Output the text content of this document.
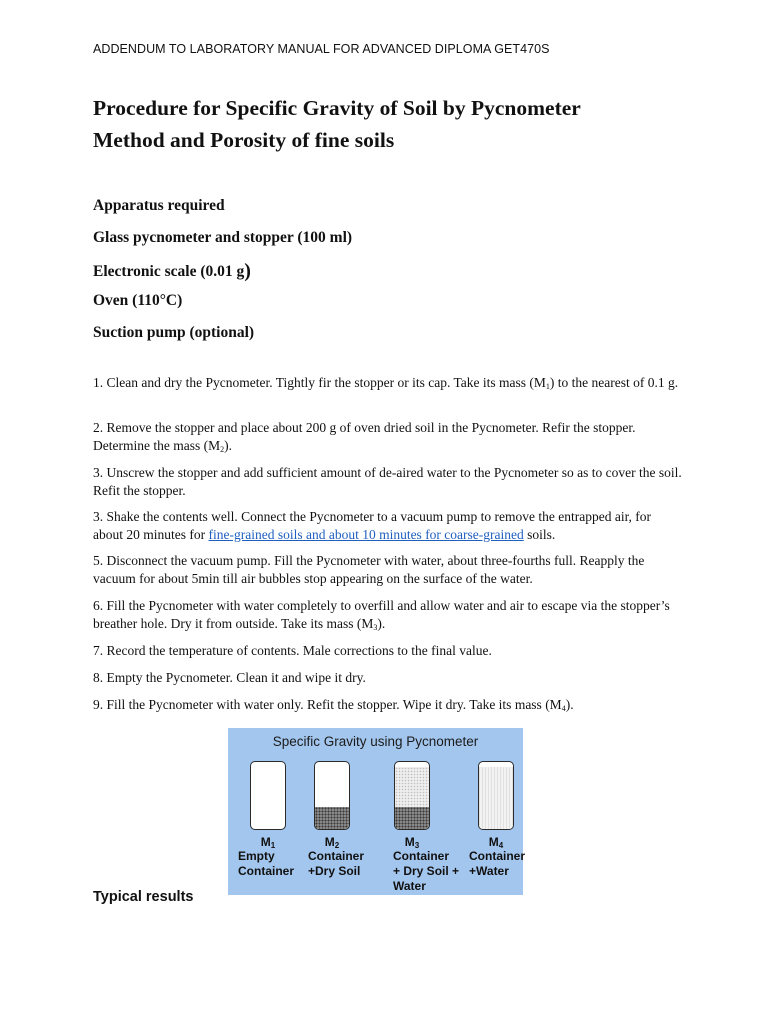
ADDENDUM TO LABORATORY MANUAL FOR ADVANCED DIPLOMA GET470S
Procedure for Specific Gravity of Soil by Pycnometer
Method and Porosity of fine soils
Apparatus required
Glass pycnometer and stopper (100 ml)
Electronic scale (0.01 g)
Oven (110°C)
Suction pump (optional)
1. Clean and dry the Pycnometer. Tightly fir the stopper or its cap. Take its mass $(M_1)$ to the nearest of 0.1 g.
2. Remove the stopper and place about 200 g of oven dried soil in the Pycnometer. Refir the stopper. Determine the mass $(M_2)$.
3. Unscrew the stopper and add sufficient amount of de-aired water to the Pycnometer so as to cover the soil. Refit the stopper.
3. Shake the contents well. Connect the Pycnometer to a vacuum pump to remove the entrapped air, for about 20 minutes for fine-grained soils and about 10 minutes for coarse-grained soils.
5. Disconnect the vacuum pump. Fill the Pycnometer with water, about three-fourths full. Reapply the vacuum for about 5min till air bubbles stop appearing on the surface of the water.
6. Fill the Pycnometer with water completely to overfill and allow water and air to escape via the stopper’s breather hole. Dry it from outside. Take its mass $(M_3)$.
7. Record the temperature of contents. Male corrections to the final value.
8. Empty the Pycnometer. Clean it and wipe it dry.
9. Fill the Pycnometer with water only. Refit the stopper. Wipe it dry. Take its mass $(M_4)$.
Specific Gravity using Pycnometer
M1	M2	M3	M4
Empty
Container
Container
+Dry Soil
Container
+ Dry Soil +
Water
Container
+Water
Typical results
